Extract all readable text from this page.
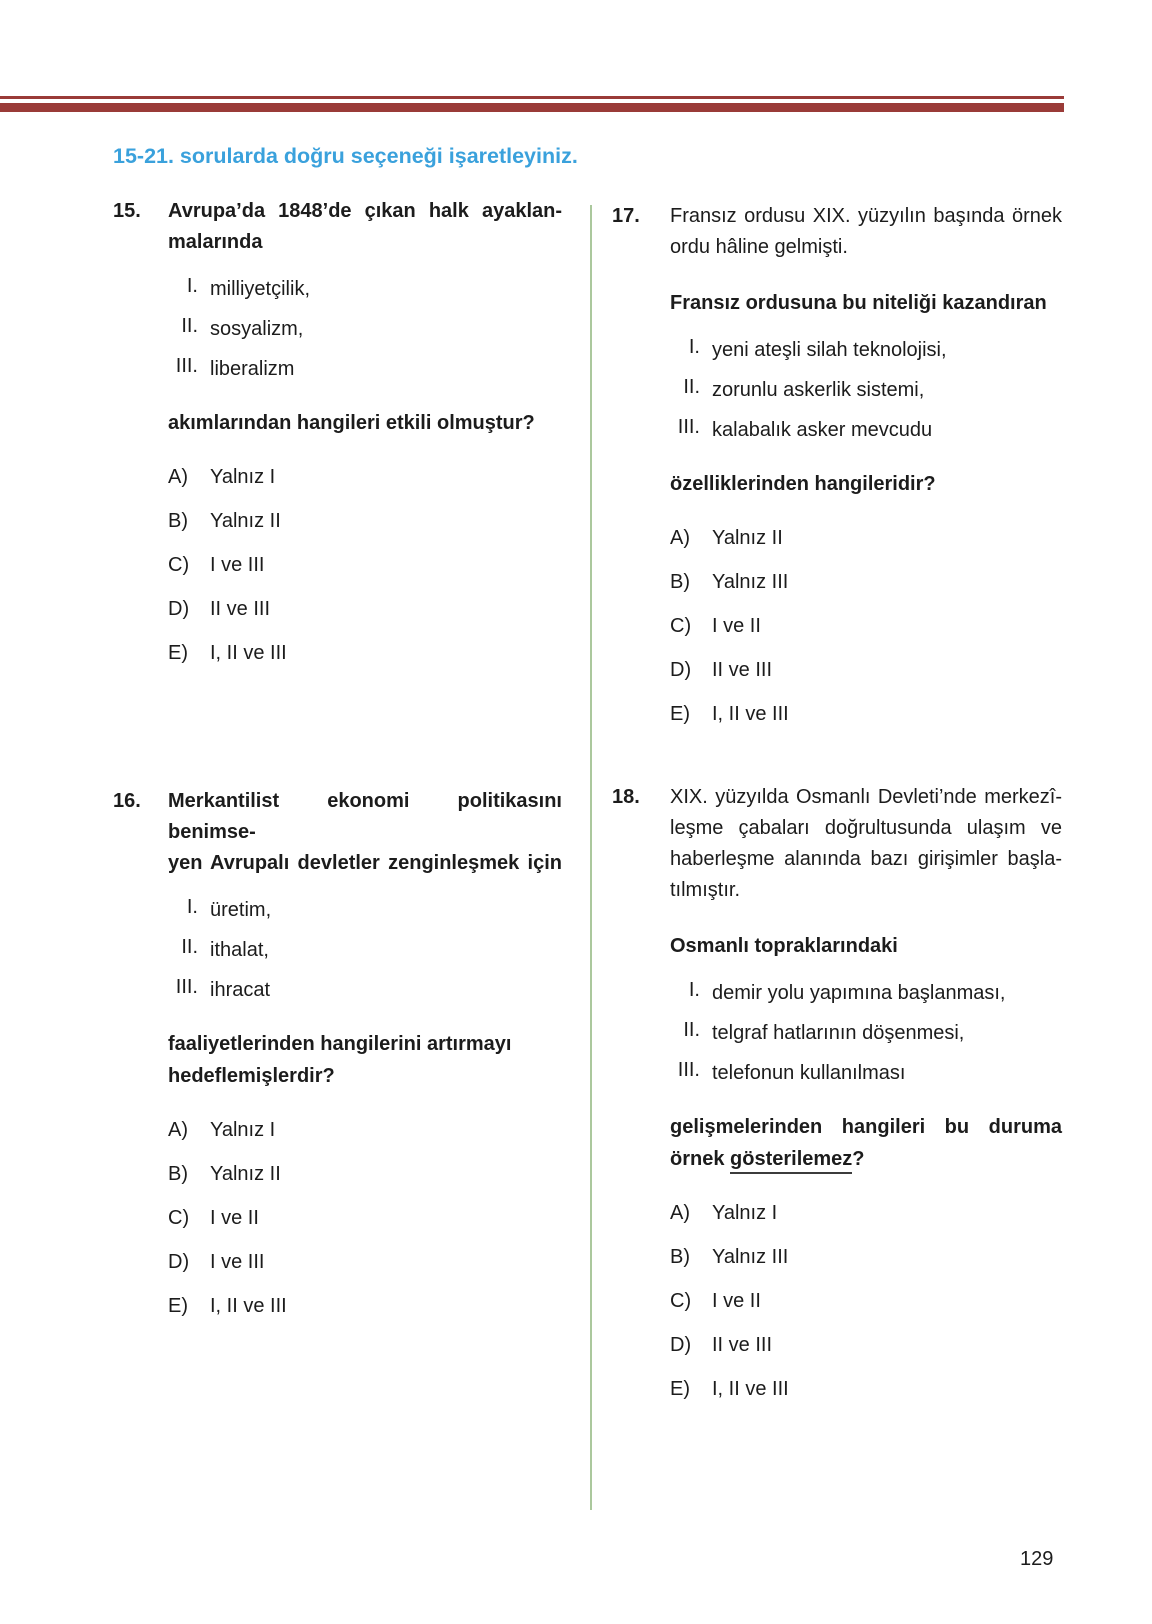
15-21. sorularda doğru seçeneği işaretleyiniz.
15.	Avrupa’da 1848’de çıkan halk ayaklan-
malarında
I. milliyetçilik,
II. sosyalizm,
III. liberalizm
akımlarından hangileri etkili olmuştur?
A)	Yalnız I
B)	Yalnız II
C)	I ve III
D)	II ve III
E)	I, II ve III
16.	Merkantilist ekonomi politikasını benimse-
yen Avrupalı devletler zenginleşmek için
I. üretim,
II. ithalat,
III. ihracat
faaliyetlerinden hangilerini artırmayı
hedeflemişlerdir?
A)	Yalnız I
B)	Yalnız II
C)	I ve II
D)	I ve III
E)	I, II ve III
17.	Fransız ordusu XIX. yüzyılın başında örnek
ordu hâline gelmişti.
Fransız ordusuna bu niteliği kazandıran
I. yeni ateşli silah teknolojisi,
II. zorunlu askerlik sistemi,
III. kalabalık asker mevcudu
özelliklerinden hangileridir?
A)	Yalnız II
B)	Yalnız III
C)	I ve II
D)	II ve III
E)	I, II ve III
18.	XIX. yüzyılda Osmanlı Devleti’nde merkezî-
leşme çabaları doğrultusunda ulaşım ve
haberleşme alanında bazı girişimler başla-
tılmıştır.
Osmanlı topraklarındaki
I. demir yolu yapımına başlanması,
II. telgraf hatlarının döşenmesi,
III. telefonun kullanılması
gelişmelerinden hangileri bu duruma
örnek gösterilemez?
A)	Yalnız I
B)	Yalnız III
C)	I ve II
D)	II ve III
E)	I, II ve III
129
